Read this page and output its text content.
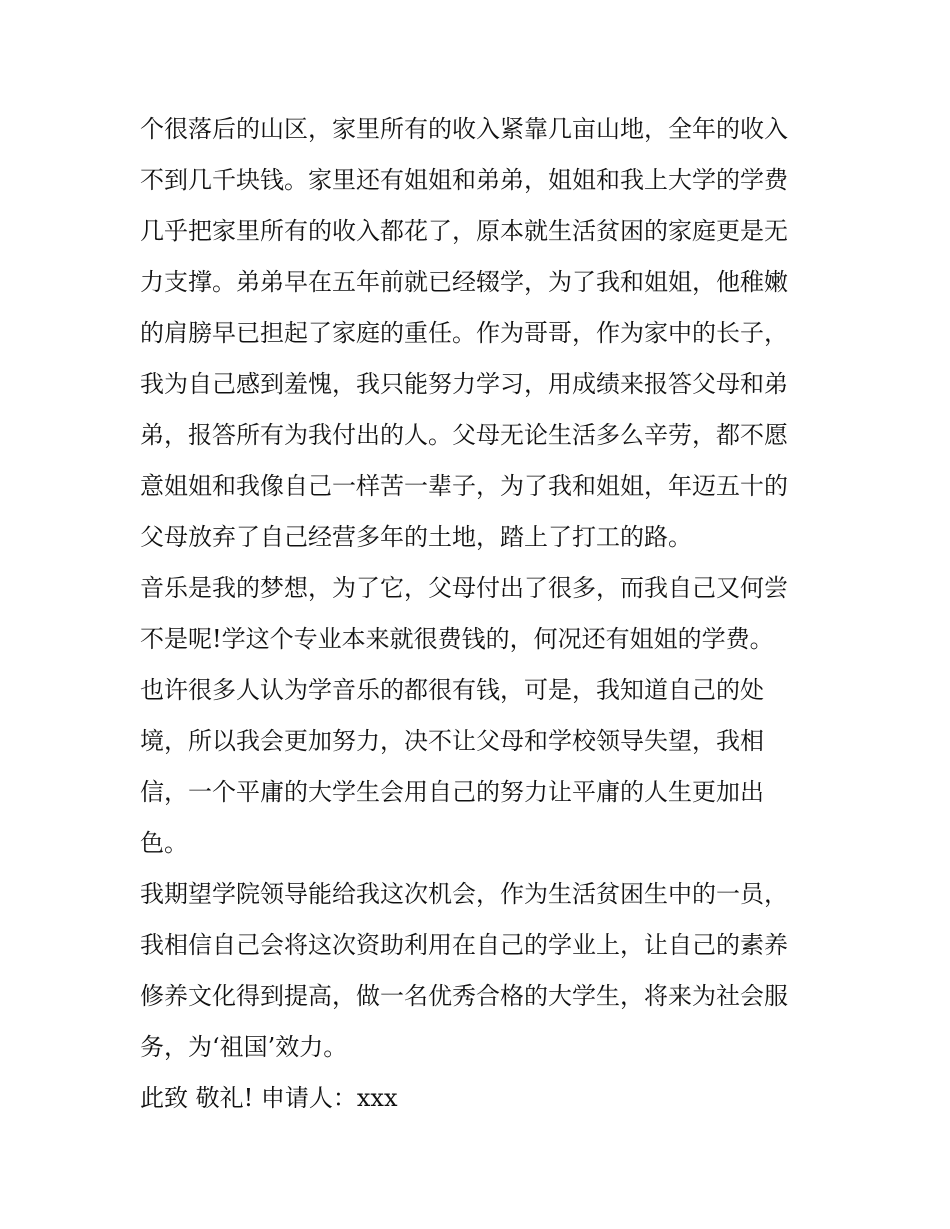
个很落后的山区，家里所有的收入紧靠几亩山地，全年的收入
不到几千块钱。家里还有姐姐和弟弟，姐姐和我上大学的学费
几乎把家里所有的收入都花了，原本就生活贫困的家庭更是无
力支撑。弟弟早在五年前就已经辍学，为了我和姐姐，他稚嫩
的肩膀早已担起了家庭的重任。作为哥哥，作为家中的长子，
我为自己感到羞愧，我只能努力学习，用成绩来报答父母和弟
弟，报答所有为我付出的人。父母无论生活多么辛劳，都不愿
意姐姐和我像自己一样苦一辈子，为了我和姐姐，年迈五十的
父母放弃了自己经营多年的土地，踏上了打工的路。
音乐是我的梦想，为了它，父母付出了很多，而我自己又何尝
不是呢!学这个专业本来就很费钱的，何况还有姐姐的学费。
也许很多人认为学音乐的都很有钱，可是，我知道自己的处
境，所以我会更加努力，决不让父母和学校领导失望，我相
信，一个平庸的大学生会用自己的努力让平庸的人生更加出
色。
我期望学院领导能给我这次机会，作为生活贫困生中的一员，
我相信自己会将这次资助利用在自己的学业上，让自己的素养
修养文化得到提高，做一名优秀合格的大学生，将来为社会服
务，为‘祖国’效力。
此致 敬礼! 申请人：xxx
